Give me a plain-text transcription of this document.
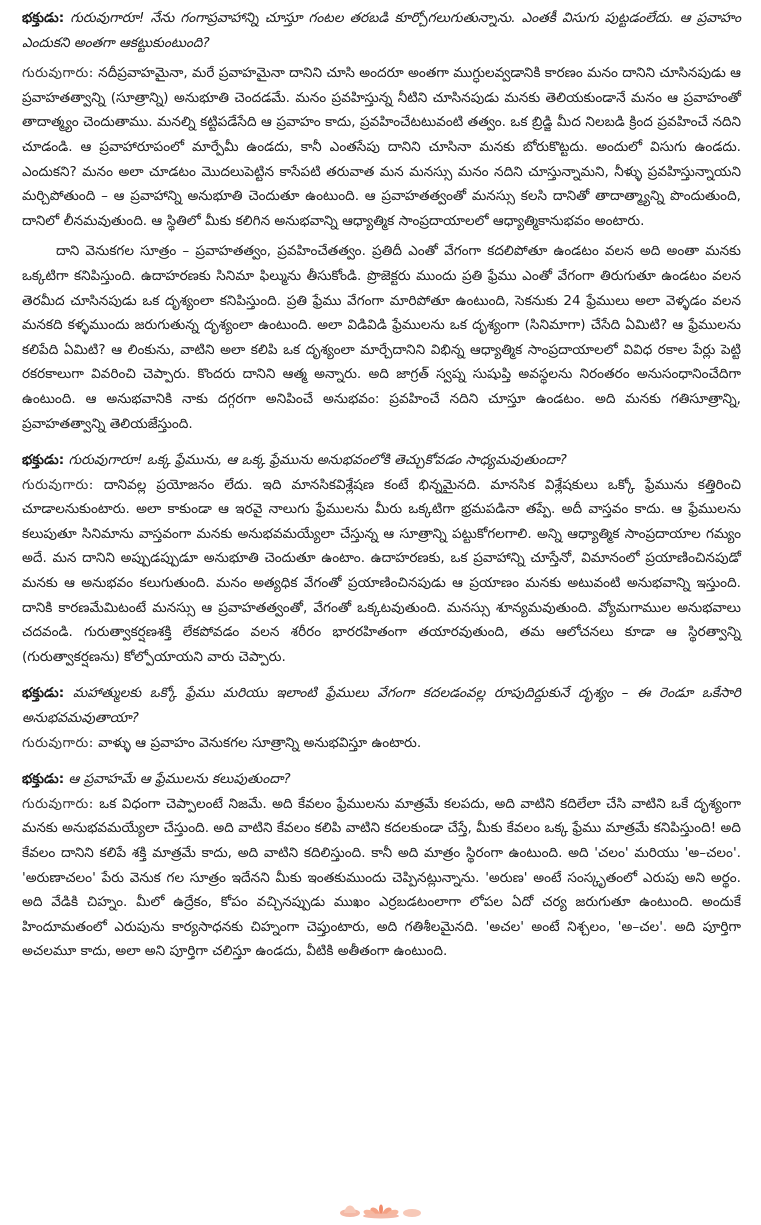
భక్తుడు: గురువుగారూ! నేను గంగాప్రవాహాన్ని చూస్తూ గంటల తరబడి కూర్చోగలుగుతున్నాను. ఎంతకీ విసుగు పుట్టడంలేదు. ఆ ప్రవాహం ఎందుకని అంతగా ఆకట్టుకుంటుంది?

గురువుగారు: నదీప్రవాహమైనా, మరే ప్రవాహమైనా దానిని చూసి అందరూ అంతగా ముగ్ధులవ్వడానికి కారణం మనం దానిని చూసినపుడు ఆ ప్రవాహతత్వాన్ని (సూత్రాన్ని) అనుభూతి చెందడమే. మనం ప్రవహిస్తున్న నీటిని చూసినపుడు మనకు తెలియకుండానే మనం ఆ ప్రవాహంతో తాదాత్మ్యం చెందుతాము. మనల్ని కట్టిపడేసేది ఆ ప్రవాహం కాదు, ప్రవహించేటటువంటి తత్వం. ఒక బ్రిడ్జి మీద నిలబడి క్రింద ప్రవహించే నదిని చూడండి. ఆ ప్రవాహారూపంలో మార్పేమీ ఉండదు, కానీ ఎంతసేపు దానిని చూసినా మనకు బోరుకొట్టదు. అందులో విసుగు ఉండదు. ఎందుకని? మనం అలా చూడటం మొదలుపెట్టిన కాసేపటి తరువాత మన మనస్సు మనం నదిని చూస్తున్నామని, నీళ్ళు ప్రవహిస్తున్నాయని మర్చిపోతుంది – ఆ ప్రవాహాన్ని అనుభూతి చెందుతూ ఉంటుంది. ఆ ప్రవాహతత్వంతో మనస్సు కలసి దానితో తాదాత్మ్యాన్ని పొందుతుంది, దానిలో లీనమవుతుంది. ఆ స్థితిలో మీకు కలిగిన అనుభవాన్ని ఆధ్యాత్మిక సాంప్రదాయాలలో ఆధ్యాత్మికానుభవం అంటారు.

దాని వెనుకగల సూత్రం – ప్రవాహతత్వం, ప్రవహించేతత్వం. ప్రతిదీ ఎంతో వేగంగా కదలిపోతూ ఉండటం వలన అది అంతా మనకు ఒక్కటిగా కనిపిస్తుంది. ఉదాహరణకు సినిమా ఫిల్మును తీసుకోండి. ప్రొజెక్టరు ముందు ప్రతి ఫ్రేము ఎంతో వేగంగా తిరుగుతూ ఉండటం వలన తెరమీద చూసినపుడు ఒక దృశ్యంలా కనిపిస్తుంది. ప్రతి ఫ్రేము వేగంగా మారిపోతూ ఉంటుంది, సెకనుకు 24 ఫ్రేములు అలా వెళ్ళడం వలన మనకది కళ్ళముందు జరుగుతున్న దృశ్యంలా ఉంటుంది. అలా విడివిడి ఫ్రేములను ఒక దృశ్యంగా (సినిమాగా) చేసేది ఏమిటి? ఆ ఫ్రేములను కలిపేది ఏమిటి? ఆ లింకును, వాటిని అలా కలిపి ఒక దృశ్యంలా మార్చేదానిని విభిన్న ఆధ్యాత్మిక సాంప్రదాయాలలో వివిధ రకాల పేర్లు పెట్టి రకరకాలుగా వివరించి చెప్పారు. కొందరు దానిని ఆత్మ అన్నారు. అది జాగ్రత్ స్వప్న సుషుప్తి అవస్థలను నిరంతరం అనుసంధానించేదిగా ఉంటుంది. ఆ అనుభవానికి నాకు దగ్గరగా అనిపించే అనుభవం: ప్రవహించే నదిని చూస్తూ ఉండటం. అది మనకు గతిసూత్రాన్ని, ప్రవాహతత్వాన్ని తెలియజేస్తుంది.

భక్తుడు: గురువుగారూ! ఒక్క ఫ్రేమును, ఆ ఒక్క ఫ్రేమును అనుభవంలోకి తెచ్చుకోవడం సాధ్యమవుతుందా?

గురువుగారు: దానివల్ల ప్రయోజనం లేదు. ఇది మానసికవిశ్లేషణ కంటే భిన్నమైనది. మానసిక విశ్లేషకులు ఒక్కో ఫ్రేమును కత్తిరించి చూడాలనుకుంటారు. అలా కాకుండా ఆ ఇరవై నాలుగు ఫ్రేములను మీరు ఒక్కటిగా భ్రమపడినా తప్పే. అదీ వాస్తవం కాదు. ఆ ఫ్రేములను కలుపుతూ సినిమాను వాస్తవంగా మనకు అనుభవమయ్యేలా చేస్తున్న ఆ సూత్రాన్ని పట్టుకోగలగాలి. అన్ని ఆధ్యాత్మిక సాంప్రదాయాల గమ్యం అదే. మన దానిని అప్పుడప్పుడూ అనుభూతి చెందుతూ ఉంటాం. ఉదాహరణకు, ఒక ప్రవాహాన్ని చూస్తేనో, విమానంలో ప్రయాణించినపుడో మనకు ఆ అనుభవం కలుగుతుంది. మనం అత్యధిక వేగంతో ప్రయాణించినపుడు ఆ ప్రయాణం మనకు అటువంటి అనుభవాన్ని ఇస్తుంది. దానికి కారణమేమిటంటే మనస్సు ఆ ప్రవాహతత్వంతో, వేగంతో ఒక్కటవుతుంది. మనస్సు శూన్యమవుతుంది. వ్యోమగాముల అనుభవాలు చదవండి. గురుత్వాకర్షణశక్తి లేకపోవడం వలన శరీరం భారరహితంగా తయారవుతుంది, తమ ఆలోచనలు కూడా ఆ స్థిరత్వాన్ని (గురుత్వాకర్షణను) కోల్పోయాయని వారు చెప్పారు.

భక్తుడు: మహాత్ములకు ఒక్కో ఫ్రేము మరియు ఇలాంటి ఫ్రేములు వేగంగా కదలడంవల్ల రూపుదిద్దుకునే దృశ్యం – ఈ రెండూ ఒకేసారి అనుభవమవుతాయా?

గురువుగారు: వాళ్ళు ఆ ప్రవాహం వెనుకగల సూత్రాన్ని అనుభవిస్తూ ఉంటారు.

భక్తుడు: ఆ ప్రవాహమే ఆ ఫ్రేములను కలుపుతుందా?

గురువుగారు: ఒక విధంగా చెప్పాలంటే నిజమే. అది కేవలం ఫ్రేములను మాత్రమే కలపదు, అది వాటిని కదిలేలా చేసి వాటిని ఒకే దృశ్యంగా మనకు అనుభవమయ్యేలా చేస్తుంది. అది వాటిని కేవలం కలిపి వాటిని కదలకుండా చేస్తే, మీకు కేవలం ఒక్క ఫ్రేము మాత్రమే కనిపిస్తుంది! అది కేవలం దానిని కలిపే శక్తి మాత్రమే కాదు, అది వాటిని కదిలిస్తుంది. కానీ అది మాత్రం స్థిరంగా ఉంటుంది. అది 'చలం' మరియు 'అ–చలం'. 'అరుణాచలం' పేరు వెనుక గల సూత్రం ఇదేనని మీకు ఇంతకుముందు చెప్పినట్లున్నాను. 'అరుణ' అంటే సంస్కృతంలో ఎరుపు అని అర్థం. అది వేడికి చిహ్నం. మీలో ఉద్రేకం, కోపం వచ్చినప్పుడు ముఖం ఎర్రబడటంలాగా లోపల ఏదో చర్య జరుగుతూ ఉంటుంది. అందుకే హిందూమతంలో ఎరుపును కార్యసాధనకు చిహ్నంగా చెప్తుంటారు, అది గతిశీలమైనది. 'అచల' అంటే నిశ్చలం, 'అ–చల'. అది పూర్తిగా అచలమూ కాదు, అలా అని పూర్తిగా చలిస్తూ ఉండదు, వీటికి అతీతంగా ఉంటుంది.
